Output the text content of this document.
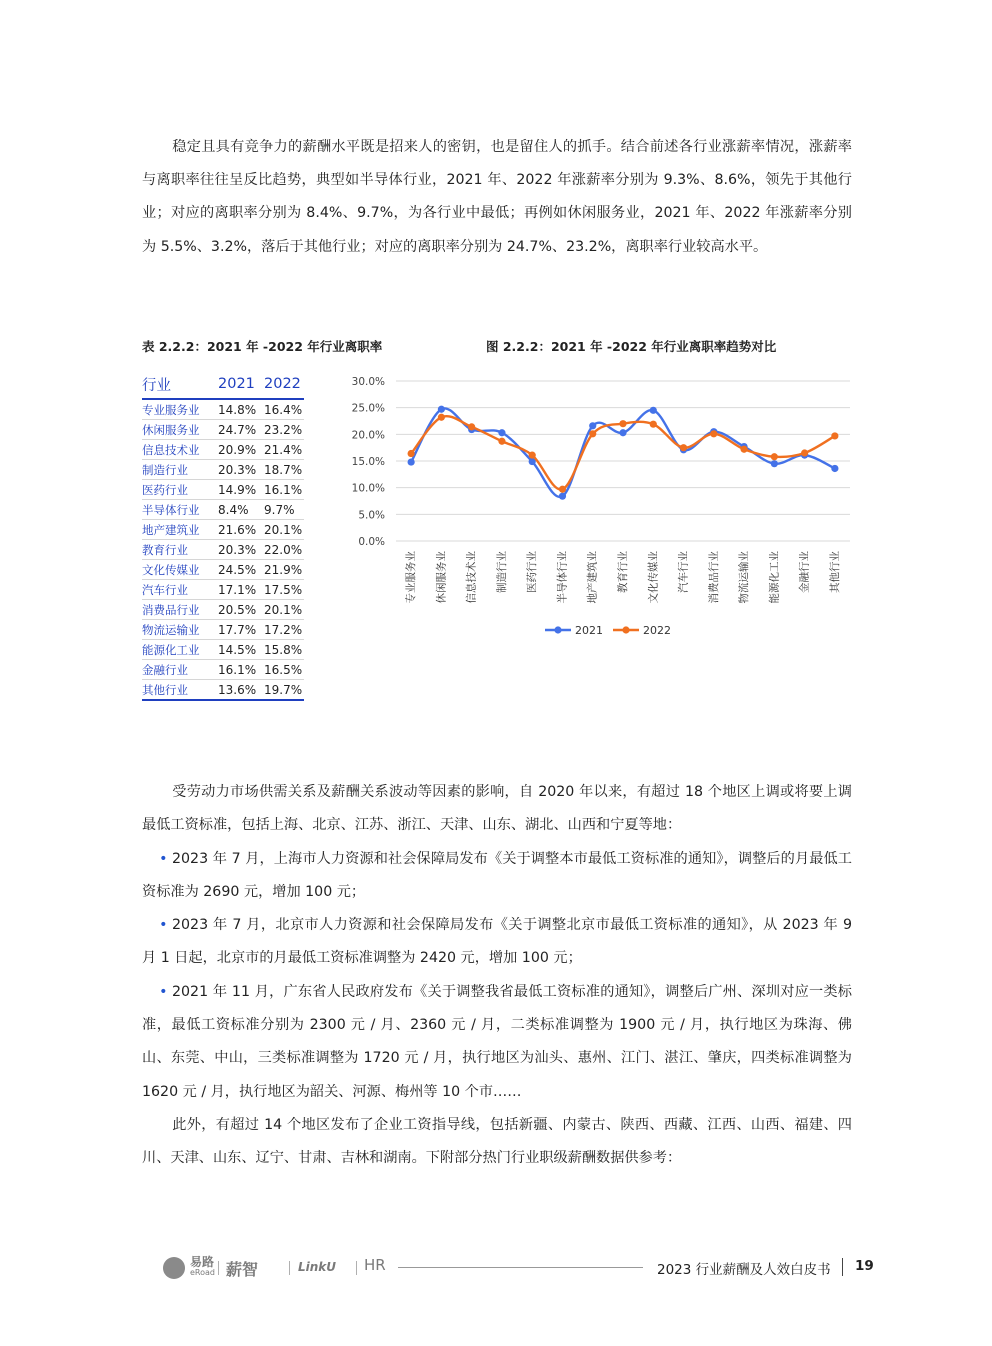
稳定且具有竞争力的薪酬水平既是招来人的密钥，也是留住人的抓手。结合前述各行业涨薪率情况，涨薪率与离职率往往呈反比趋势，典型如半导体行业，2021 年、2022 年涨薪率分别为 9.3%、8.6%，领先于其他行业；对应的离职率分别为 8.4%、9.7%，为各行业中最低；再例如休闲服务业，2021 年、2022 年涨薪率分别为 5.5%、3.2%，落后于其他行业；对应的离职率分别为 24.7%、23.2%，离职率行业较高水平。

表 2.2.2：2021 年 -2022 年行业离职率	图 2.2.2：2021 年 -2022 年行业离职率趋势对比
行业	2021	2022
专业服务业	14.8%	16.4%
休闲服务业	24.7%	23.2%
信息技术业	20.9%	21.4%
制造行业	20.3%	18.7%
医药行业	14.9%	16.1%
半导体行业	8.4%	9.7%
地产建筑业	21.6%	20.1%
教育行业	20.3%	22.0%
文化传媒业	24.5%	21.9%
汽车行业	17.1%	17.5%
消费品行业	20.5%	20.1%
物流运输业	17.7%	17.2%
能源化工业	14.5%	15.8%
金融行业	16.1%	16.5%
其他行业	13.6%	19.7%
0.0%
5.0%
10.0%
15.0%
20.0%
25.0%
30.0%
专业服务业 休闲服务业 信息技术业 制造行业 医药行业 半导体行业 地产建筑业 教育行业 文化传媒业 汽车行业 消费品行业 物流运输业 能源化工业 金融行业 其他行业
2021	2022

受劳动力市场供需关系及薪酬关系波动等因素的影响，自 2020 年以来，有超过 18 个地区上调或将要上调最低工资标准，包括上海、北京、江苏、浙江、天津、山东、湖北、山西和宁夏等地：

• 2023 年 7 月，上海市人力资源和社会保障局发布《关于调整本市最低工资标准的通知》，调整后的月最低工资标准为 2690 元，增加 100 元；

• 2023 年 7 月，北京市人力资源和社会保障局发布《关于调整北京市最低工资标准的通知》，从 2023 年 9 月 1 日起，北京市的月最低工资标准调整为 2420 元，增加 100 元；

• 2021 年 11 月，广东省人民政府发布《关于调整我省最低工资标准的通知》，调整后广州、深圳对应一类标准，最低工资标准分别为 2300 元 / 月、2360 元 / 月，二类标准调整为 1900 元 / 月，执行地区为珠海、佛山、东莞、中山，三类标准调整为 1720 元 / 月，执行地区为汕头、惠州、江门、湛江、肇庆，四类标准调整为 1620 元 / 月，执行地区为韶关、河源、梅州等 10 个市……

此外，有超过 14 个地区发布了企业工资指导线，包括新疆、内蒙古、陕西、西藏、江西、山西、福建、四川、天津、山东、辽宁、甘肃、吉林和湖南。下附部分热门行业职级薪酬数据供参考：

易路
eRoad 薪智	LinkU HR	2023 行业薪酬及人效白皮书 19
